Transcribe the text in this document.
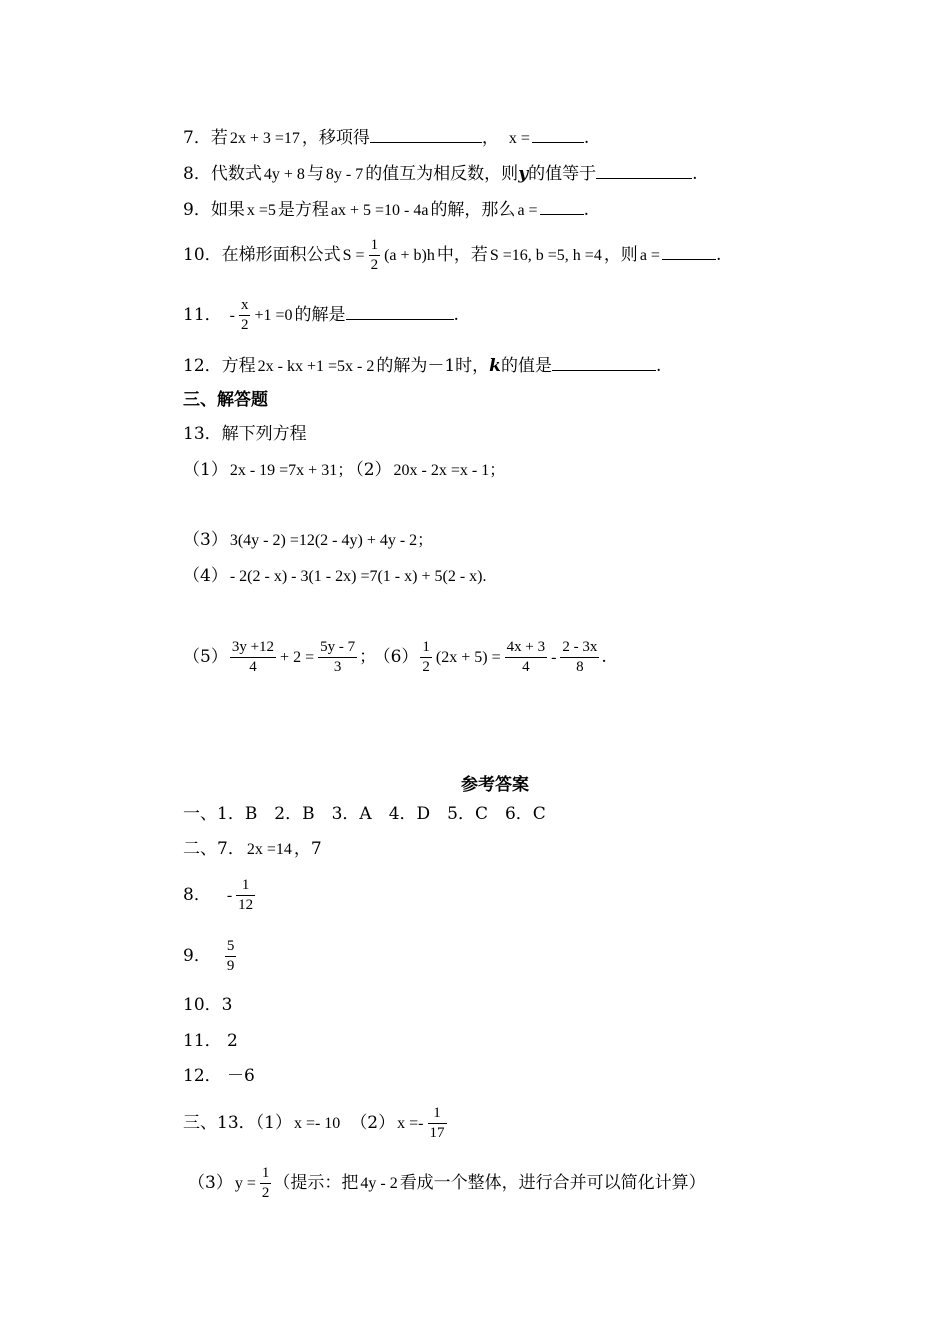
7．若 2x + 3 =17 ，移项得	， x =	.
8．代数式 4y + 8 与 8y - 7 的值互为相反数，则y的值等于	.
9．如果 x =5 是方程 ax + 5 =10 - 4a 的解，那么 a =	.
10．在梯形面积公式 $S = \frac{1}{2} (a + b)h$ 中，若 S =16, b =5, h =4 ，则 a =	.
11． - $\frac{x}{2} +1 =0$ 的解是	.
12．方程 2x - kx +1 =5x - 2 的解为－1时，k的值是	.
三、解答题
13．解下列方程
（1） 2x - 19 =7x + 31； （2） 20x - 2x =x - 1；
（3） 3(4y - 2) =12(2 - 4y) + 4y - 2；
（4） - 2(2 - x) - 3(1 - 2x) =7(1 - x) + 5(2 - x).
$(5) \frac{3y +12}{4} + 2 = \frac{5y - 7}{3}$ ； $(6) \frac{1}{2} (2x + 5) = \frac{4x + 3}{4} - \frac{2 - 3x}{8}$ .
参考答案
一、1．B　2．B　3．A　4．D　5．C　6．C
二、7． 2x =14 ，7
8． - $\frac{1}{12}$
9． $\frac{5}{9}$
10．3
11． 2
12． －6
三、13．（1） x =- 10 （2） $x =- \frac{1}{17}$
（3） $y = \frac{1}{2}$ （提示：把 4y - 2 看成一个整体，进行合并可以简化计算）
